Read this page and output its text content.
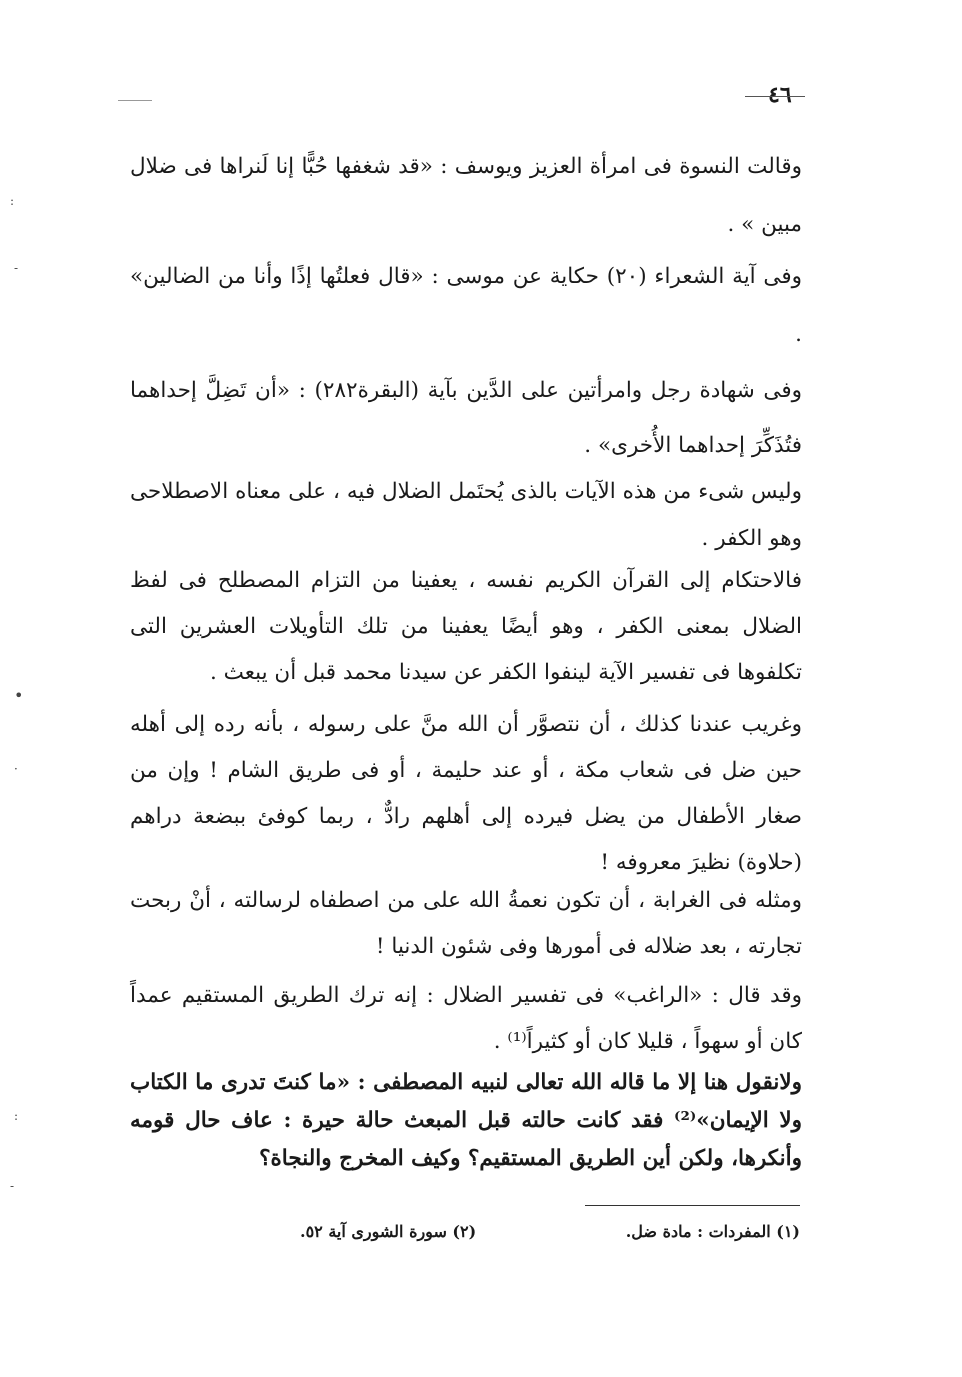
٤٦
:
-
•
·
:
-

وقالت النسوة فى امرأة العزيز ويوسف : «قد شغفها حُبًّا إنا لَنراها فى ضلال مبين » .

وفى آية الشعراء (٢٠) حكاية عن موسى : «قال فعلتُها إذًا وأنا من الضالين» .

وفى شهادة رجل وامرأتين على الدَّين بآية (البقرة٢٨٢) : «أن تَضِلَّ إحداهما فتُذَكِّرَ إحداهما الأُخرى» .

وليس شىء من هذه الآيات بالذى يُحتَمل الضلال فيه ، على معناه الاصطلاحى وهو الكفر .

فالاحتكام إلى القرآن الكريم نفسه ، يعفينا من التزام المصطلح فى لفظ الضلال بمعنى الكفر ، وهو أيضًا يعفينا من تلك التأويلات العشرين التى تكلفوها فى تفسير الآية لينفوا الكفر عن سيدنا محمد قبل أن يبعث .

وغريب عندنا كذلك ، أن نتصوَّر أن الله منَّ على رسوله ، بأنه رده إلى أهله حين ضل فى شعاب مكة ، أو عند حليمة ، أو فى طريق الشام ! وإن من صغار الأطفال من يضل فيرده إلى أهلهم رادٌّ ، ربما كوفئ ببضعة دراهم (حلاوة) نظيرَ معروفه !

ومثله فى الغرابة ، أن تكون نعمةُ الله على من اصطفاه لرسالته ، أنْ ربحت تجارته ، بعد ضلاله فى أمورها وفى شئون الدنيا !

وقد قال : «الراغب» فى تفسير الضلال : إنه ترك الطريق المستقيم عمداً كان أو سهواً ، قليلا كان أو كثيراً⁽¹⁾ .

ولانقول هنا إلا ما قاله الله تعالى لنبيه المصطفى : «ما كنتَ تدرى ما الكتاب ولا الإيمان»⁽²⁾ فقد كانت حالته قبل المبعث حالة حيرة : عاف حال قومه وأنكرها، ولكن أين الطريق المستقيم؟ وكيف المخرج والنجاة؟

(١) المفردات : مادة ضل.
(٢) سورة الشورى آية ٥٢.
